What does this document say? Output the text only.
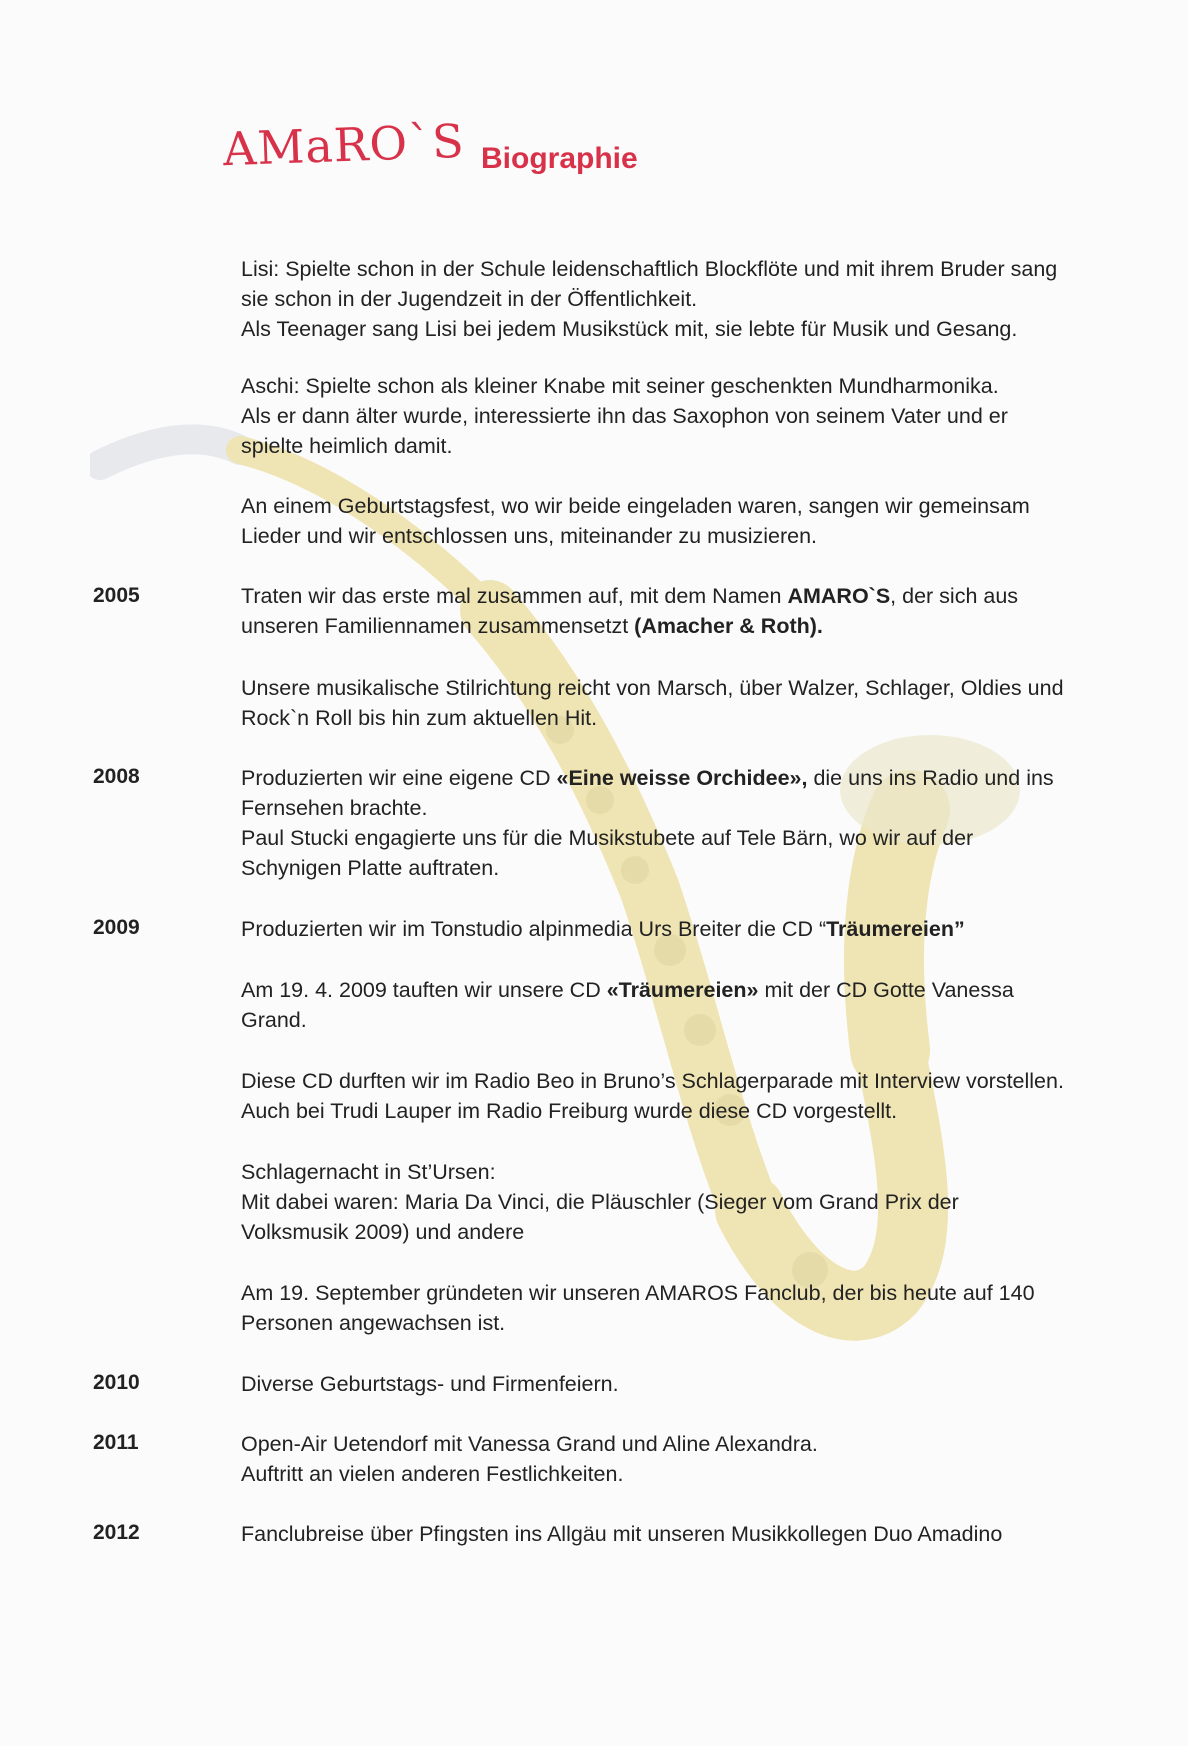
AMaRO`S Biographie
Lisi: Spielte schon in der Schule leidenschaftlich Blockflöte und mit ihrem Bruder sang
sie schon in der Jugendzeit in der Öffentlichkeit.
Als Teenager sang Lisi bei jedem Musikstück mit, sie lebte für Musik und Gesang.
Aschi: Spielte schon als kleiner Knabe mit seiner geschenkten Mundharmonika.
Als er dann älter wurde, interessierte ihn das Saxophon von seinem Vater und er
spielte heimlich damit.
An einem Geburtstagsfest, wo wir beide eingeladen waren, sangen wir gemeinsam
Lieder und wir entschlossen uns, miteinander zu musizieren.
2005	Traten wir das erste mal zusammen auf, mit dem Namen AMARO`S, der sich aus
unseren Familiennamen zusammensetzt (Amacher & Roth).
Unsere musikalische Stilrichtung reicht von Marsch, über Walzer, Schlager, Oldies und
Rock`n Roll bis hin zum aktuellen Hit.
2008	Produzierten wir eine eigene CD «Eine weisse Orchidee», die uns ins Radio und ins
Fernsehen brachte.
Paul Stucki engagierte uns für die Musikstubete auf Tele Bärn, wo wir auf der
Schynigen Platte auftraten.
2009	Produzierten wir im Tonstudio alpinmedia Urs Breiter die CD “Träumereien”
Am 19. 4. 2009 tauften wir unsere CD «Träumereien» mit der CD Gotte Vanessa
Grand.
Diese CD durften wir im Radio Beo in Bruno’s Schlagerparade mit Interview vorstellen.
Auch bei Trudi Lauper im Radio Freiburg wurde diese CD vorgestellt.
Schlagernacht in St’Ursen:
Mit dabei waren: Maria Da Vinci, die Pläuschler (Sieger vom Grand Prix der
Volksmusik 2009) und andere
Am 19. September gründeten wir unseren AMAROS Fanclub, der bis heute auf 140
Personen angewachsen ist.
2010	Diverse Geburtstags- und Firmenfeiern.
2011	Open-Air Uetendorf mit Vanessa Grand und Aline Alexandra.
Auftritt an vielen anderen Festlichkeiten.
2012	Fanclubreise über Pfingsten ins Allgäu mit unseren Musikkollegen Duo Amadino
